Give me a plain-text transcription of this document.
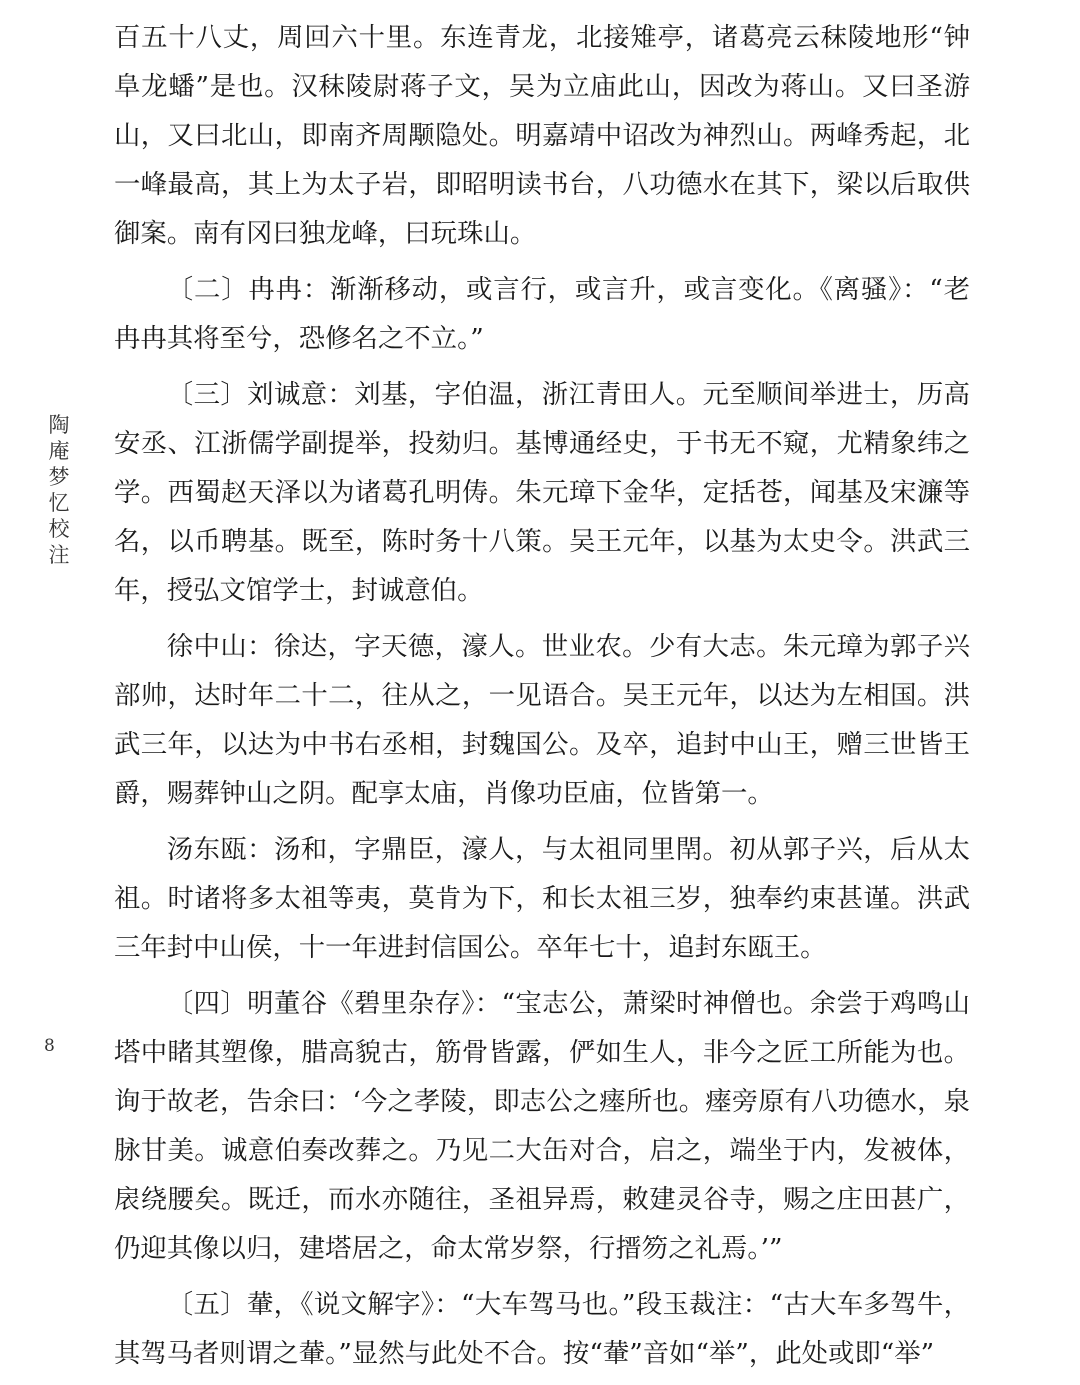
陶庵梦忆校注
8

百五十八丈，周回六十里。东连青龙，北接雉亭，诸葛亮云秣陵地形“钟阜龙蟠”是也。汉秣陵尉蒋子文，吴为立庙此山，因改为蒋山。又曰圣游山，又曰北山，即南齐周颙隐处。明嘉靖中诏改为神烈山。两峰秀起，北一峰最高，其上为太子岩，即昭明读书台，八功德水在其下，梁以后取供御案。南有冈曰独龙峰，曰玩珠山。

〔二〕冉冉：渐渐移动，或言行，或言升，或言变化。《离骚》：“老冉冉其将至兮，恐修名之不立。”

〔三〕刘诚意：刘基，字伯温，浙江青田人。元至顺间举进士，历高安丞、江浙儒学副提举，投劾归。基博通经史，于书无不窥，尤精象纬之学。西蜀赵天泽以为诸葛孔明俦。朱元璋下金华，定括苍，闻基及宋濂等名，以币聘基。既至，陈时务十八策。吴王元年，以基为太史令。洪武三年，授弘文馆学士，封诚意伯。

徐中山：徐达，字天德，濠人。世业农。少有大志。朱元璋为郭子兴部帅，达时年二十二，往从之，一见语合。吴王元年，以达为左相国。洪武三年，以达为中书右丞相，封魏国公。及卒，追封中山王，赠三世皆王爵，赐葬钟山之阴。配享太庙，肖像功臣庙，位皆第一。

汤东瓯：汤和，字鼎臣，濠人，与太祖同里閈。初从郭子兴，后从太祖。时诸将多太祖等夷，莫肯为下，和长太祖三岁，独奉约束甚谨。洪武三年封中山侯，十一年进封信国公。卒年七十，追封东瓯王。

〔四〕明董谷《碧里杂存》：“宝志公，萧梁时神僧也。余尝于鸡鸣山塔中睹其塑像，腊高貌古，筋骨皆露，俨如生人，非今之匠工所能为也。询于故老，告余曰：‘今之孝陵，即志公之瘗所也。瘗旁原有八功德水，泉脉甘美。诚意伯奏改葬之。乃见二大缶对合，启之，端坐于内，发被体，扆绕腰矣。既迁，而水亦随往，圣祖异焉，敕建灵谷寺，赐之庄田甚广，仍迎其像以归，建塔居之，命太常岁祭，行搢笏之礼焉。’”

〔五〕輂，《说文解字》：“大车驾马也。”段玉裁注：“古大车多驾牛，其驾马者则谓之輂。”显然与此处不合。按“輂”音如“举”，此处或即“举”
